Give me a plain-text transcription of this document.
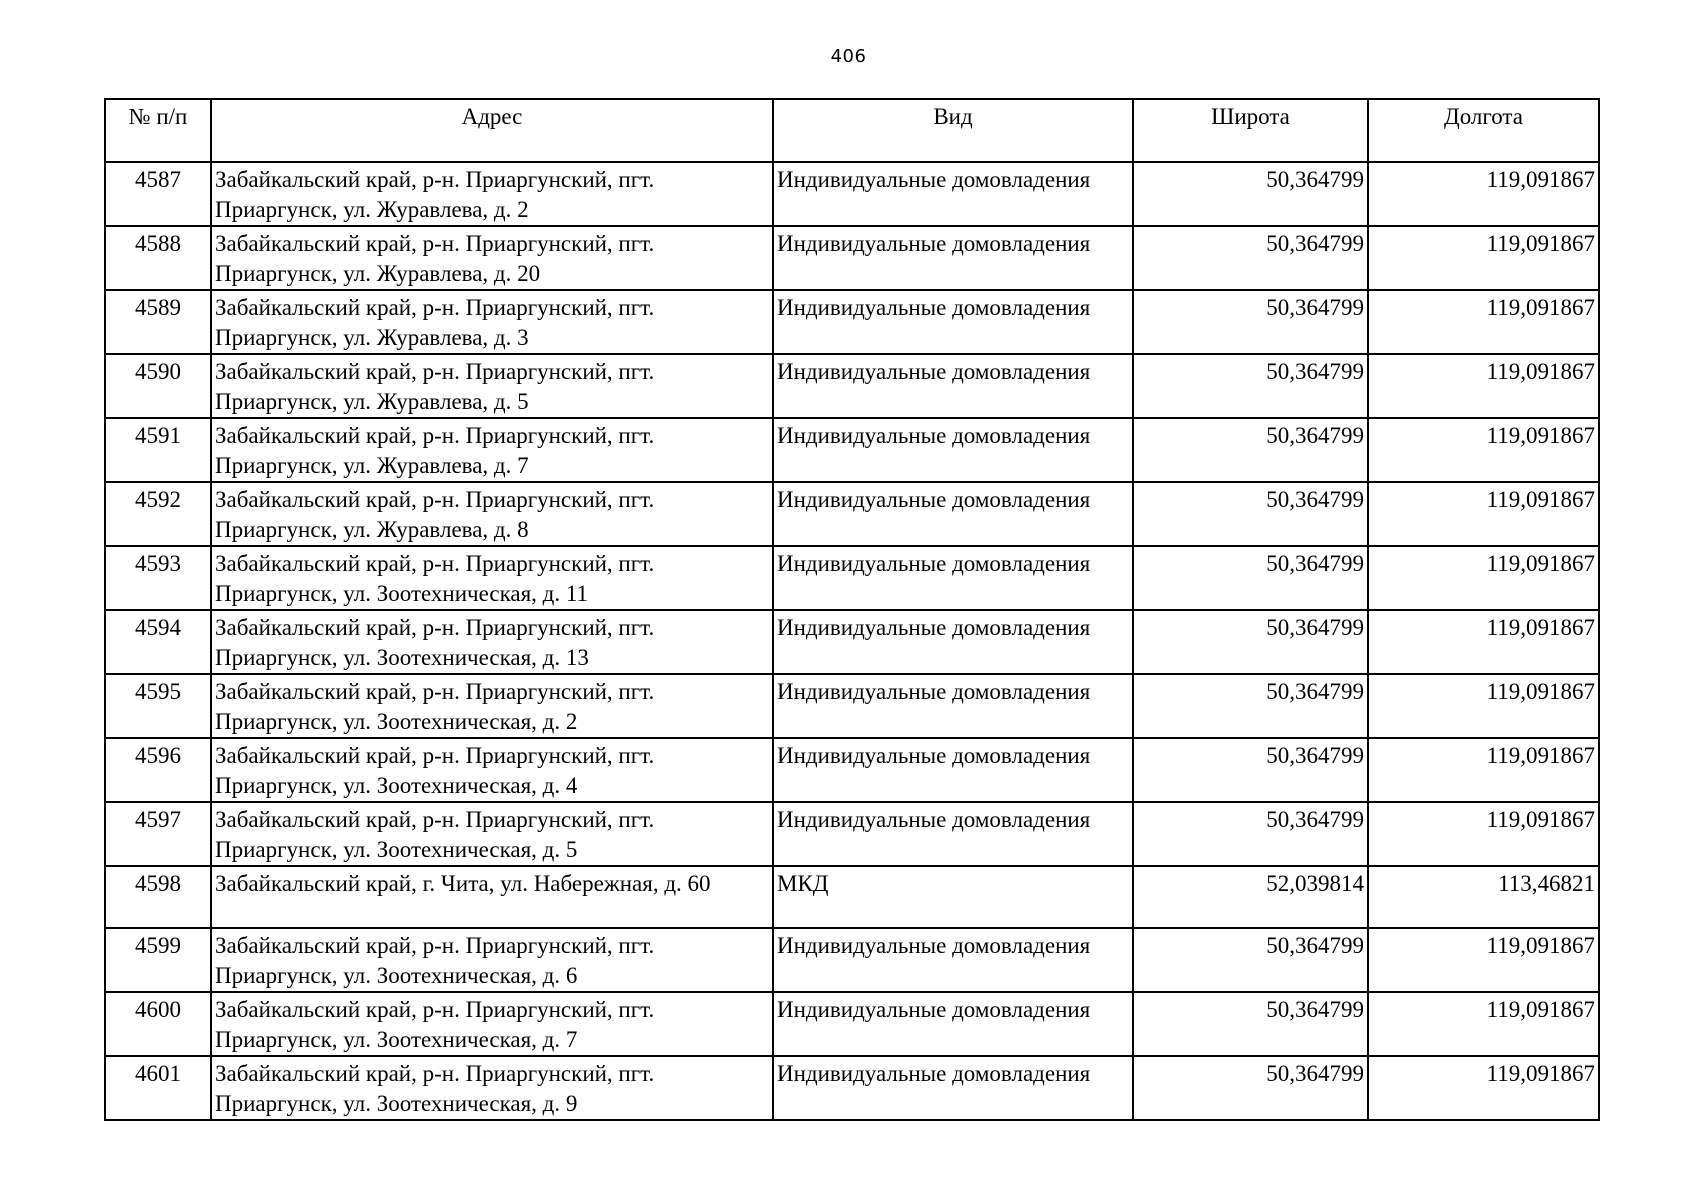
406
№ п/п	Адрес	Вид	Широта	Долгота
4587	Забайкальский край, р-н. Приаргунский, пгт. Приаргунск, ул. Журавлева, д. 2	Индивидуальные домовладения	50,364799	119,091867
4588	Забайкальский край, р-н. Приаргунский, пгт. Приаргунск, ул. Журавлева, д. 20	Индивидуальные домовладения	50,364799	119,091867
4589	Забайкальский край, р-н. Приаргунский, пгт. Приаргунск, ул. Журавлева, д. 3	Индивидуальные домовладения	50,364799	119,091867
4590	Забайкальский край, р-н. Приаргунский, пгт. Приаргунск, ул. Журавлева, д. 5	Индивидуальные домовладения	50,364799	119,091867
4591	Забайкальский край, р-н. Приаргунский, пгт. Приаргунск, ул. Журавлева, д. 7	Индивидуальные домовладения	50,364799	119,091867
4592	Забайкальский край, р-н. Приаргунский, пгт. Приаргунск, ул. Журавлева, д. 8	Индивидуальные домовладения	50,364799	119,091867
4593	Забайкальский край, р-н. Приаргунский, пгт. Приаргунск, ул. Зоотехническая, д. 11	Индивидуальные домовладения	50,364799	119,091867
4594	Забайкальский край, р-н. Приаргунский, пгт. Приаргунск, ул. Зоотехническая, д. 13	Индивидуальные домовладения	50,364799	119,091867
4595	Забайкальский край, р-н. Приаргунский, пгт. Приаргунск, ул. Зоотехническая, д. 2	Индивидуальные домовладения	50,364799	119,091867
4596	Забайкальский край, р-н. Приаргунский, пгт. Приаргунск, ул. Зоотехническая, д. 4	Индивидуальные домовладения	50,364799	119,091867
4597	Забайкальский край, р-н. Приаргунский, пгт. Приаргунск, ул. Зоотехническая, д. 5	Индивидуальные домовладения	50,364799	119,091867
4598	Забайкальский край, г. Чита, ул. Набережная, д. 60	МКД	52,039814	113,46821
4599	Забайкальский край, р-н. Приаргунский, пгт. Приаргунск, ул. Зоотехническая, д. 6	Индивидуальные домовладения	50,364799	119,091867
4600	Забайкальский край, р-н. Приаргунский, пгт. Приаргунск, ул. Зоотехническая, д. 7	Индивидуальные домовладения	50,364799	119,091867
4601	Забайкальский край, р-н. Приаргунский, пгт. Приаргунск, ул. Зоотехническая, д. 9	Индивидуальные домовладения	50,364799	119,091867
